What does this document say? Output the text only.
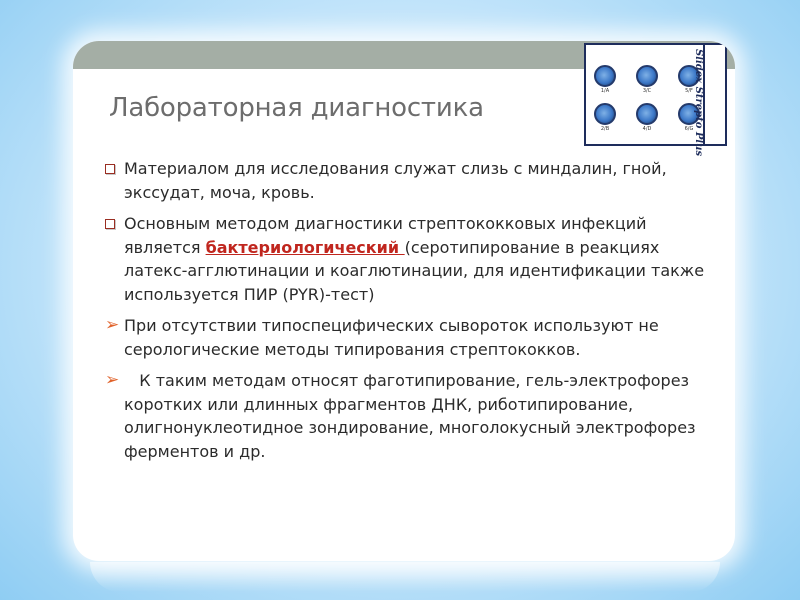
1/A	3/C	5/F
2/B	4/D	6/G Slidex Strepto Plus
Лабораторная диагностика
Материалом для исследования служат слизь с миндалин, гной, экссудат, моча, кровь.
Основным методом диагностики стрептококковых инфекций является бактериологический (серотипирование в реакциях латекс-агглютинации и коаглютинации, для идентификации также используется ПИР (PYR)-тест)
➢ При отсутствии типоспецифических сывороток используют не серологические методы типирования стрептококков.
➢ К таким методам относят фаготипирование, гель-электрофорез коротких или длинных фрагментов ДНК, риботипирование, олигнонуклеотидное зондирование, многолокусный электрофорез ферментов и др.
